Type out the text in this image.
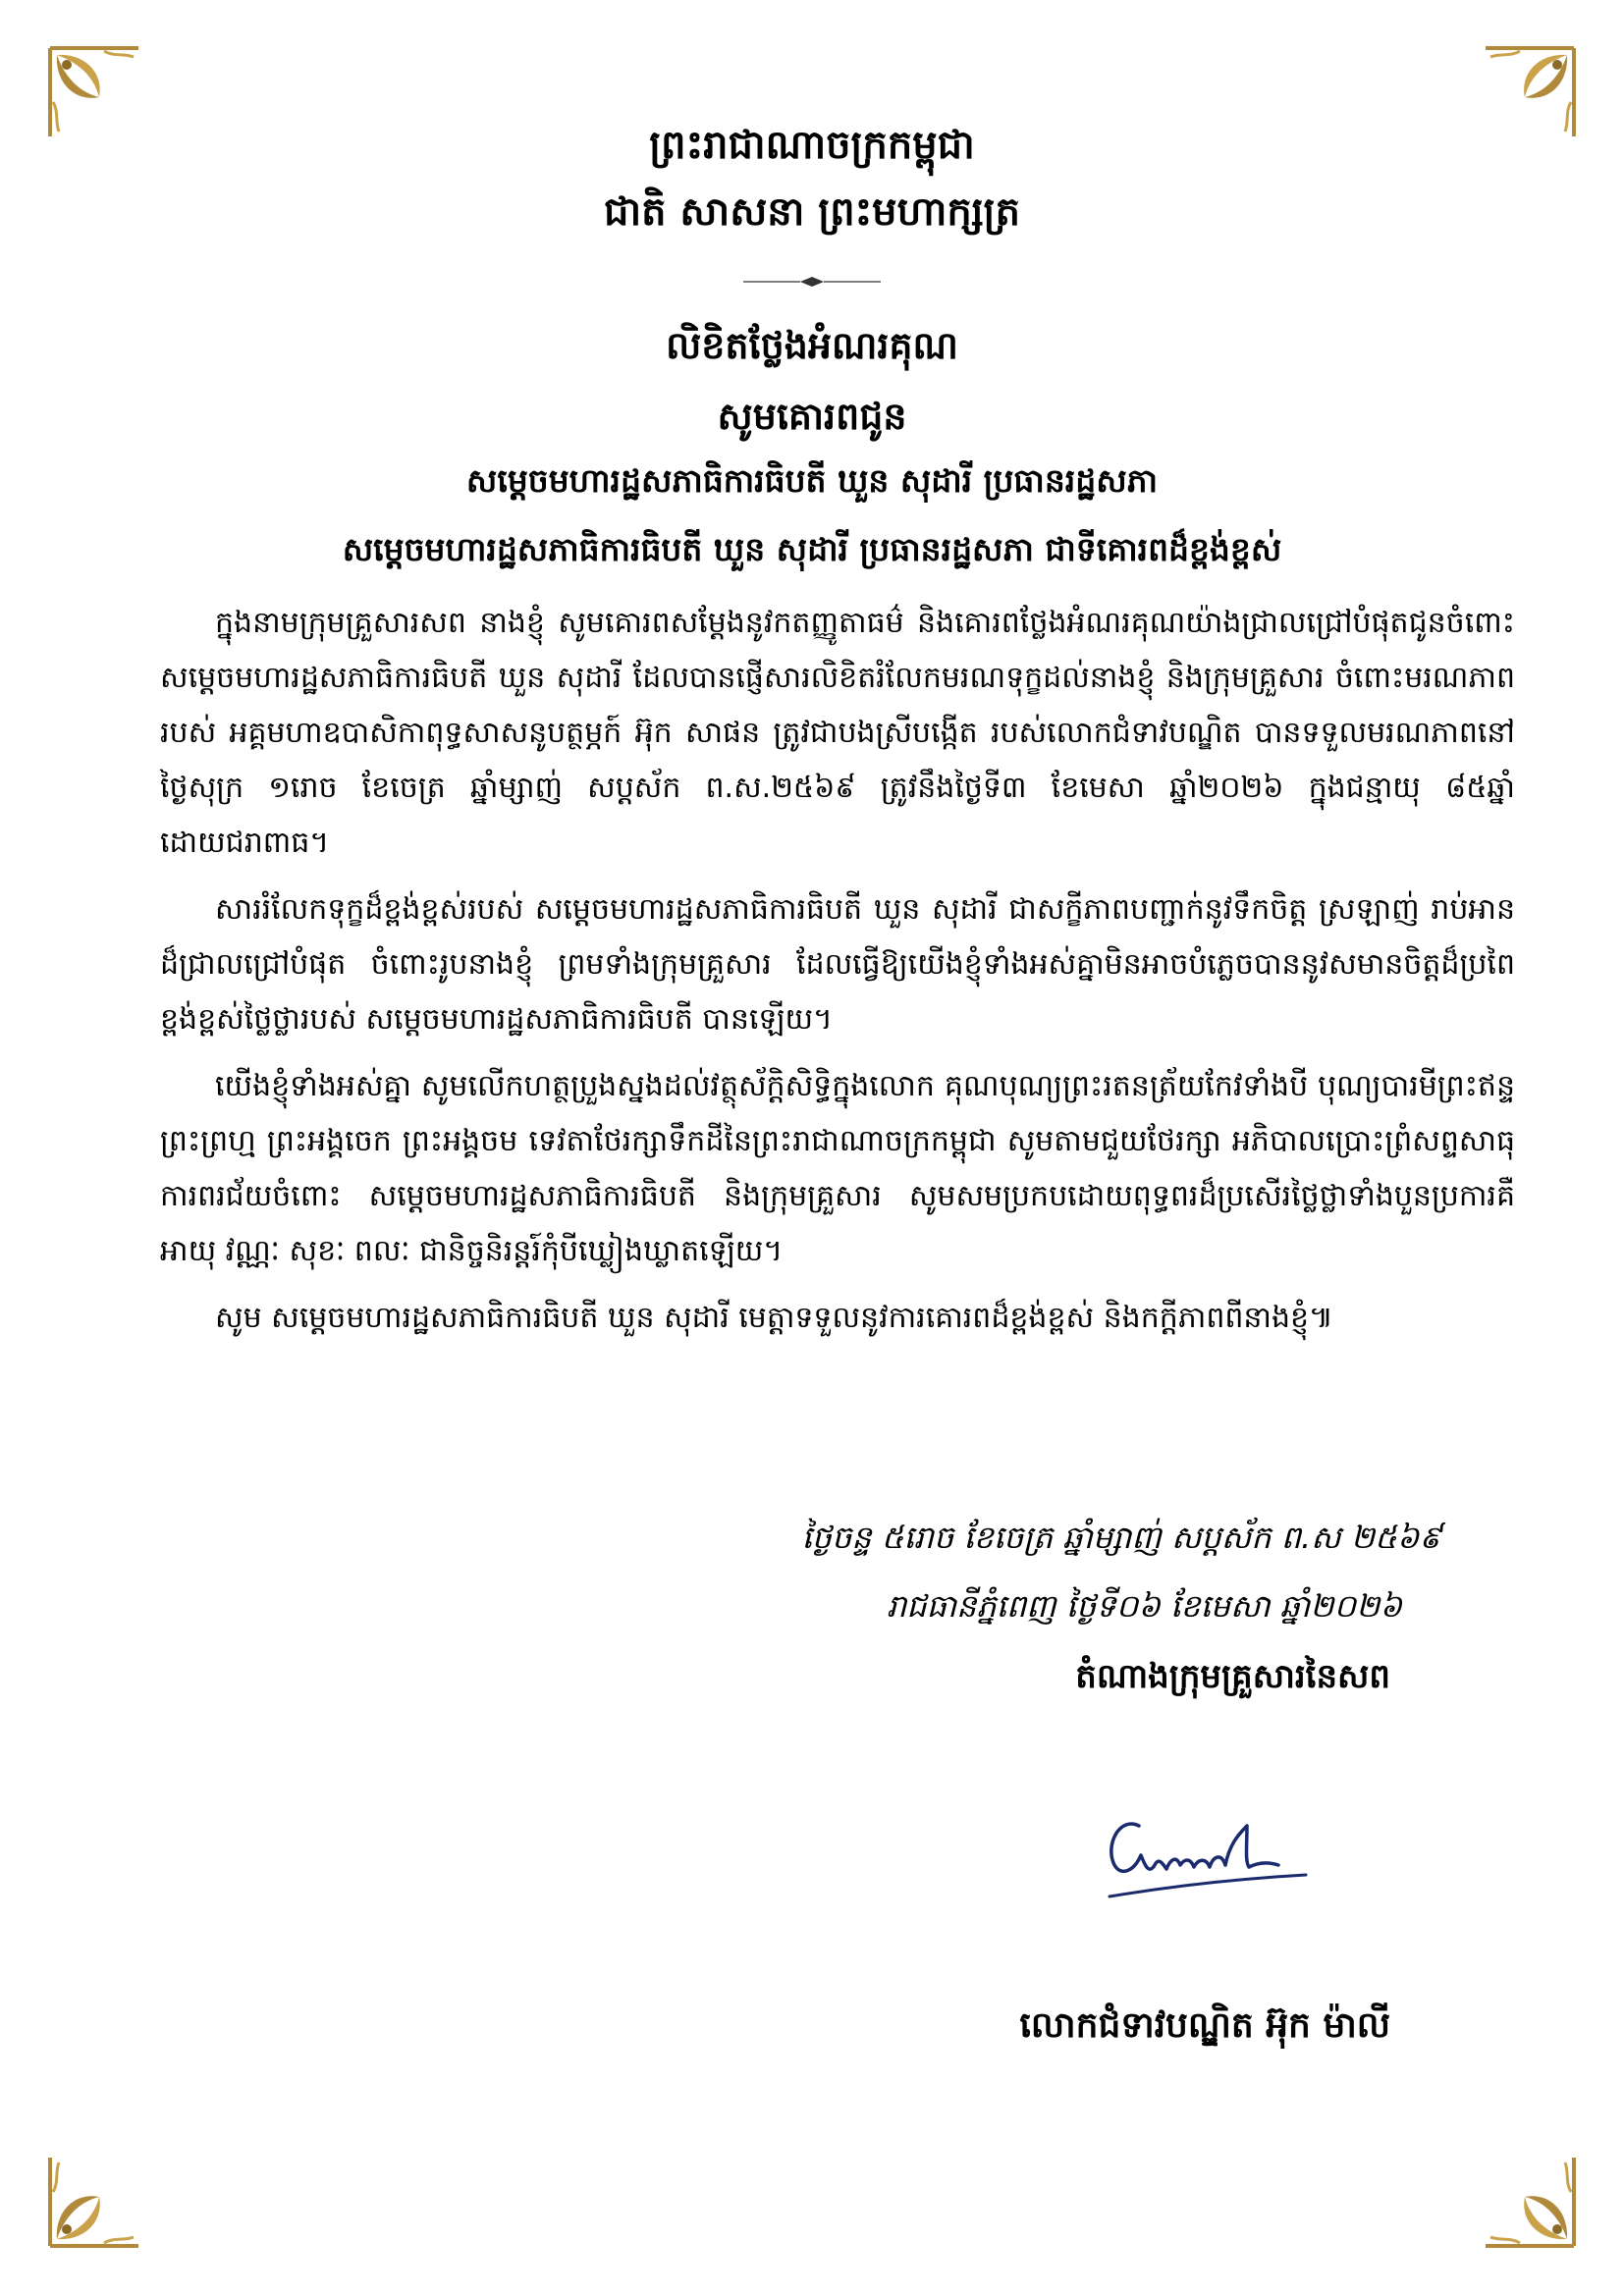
ព្រះរាជាណាចក្រកម្ពុជា
ជាតិ សាសនា ព្រះមហាក្សត្រ
លិខិតថ្លែងអំណរគុណ
សូមគោរពជូន
សម្តេចមហារដ្ឋសភាធិការធិបតី ឃួន សុដារី ប្រធានរដ្ឋសភា
សម្តេចមហារដ្ឋសភាធិការធិបតី ឃួន សុដារី ប្រធានរដ្ឋសភា ជាទីគោរពដ៏ខ្ពង់ខ្ពស់

ក្នុងនាមក្រុមគ្រួសារសព នាងខ្ញុំ សូមគោរពសម្តែងនូវកតញ្ញូតាធម៌ និងគោរពថ្លែងអំណរគុណយ៉ាងជ្រាលជ្រៅបំផុតជូនចំពោះ សម្តេចមហារដ្ឋសភាធិការធិបតី ឃួន សុដារី ដែលបានផ្ញើសារលិខិតរំលែកមរណទុក្ខដល់នាងខ្ញុំ និងក្រុមគ្រួសារ ចំពោះមរណភាពរបស់ អគ្គមហាឧបាសិកាពុទ្ធសាសនូបត្ថម្ភក៍ អ៊ុក សាផន ត្រូវជាបងស្រីបង្កើត របស់លោកជំទាវបណ្ឌិត បានទទួលមរណភាពនៅថ្ងៃសុក្រ ១រោច ខែចេត្រ ឆ្នាំម្សាញ់ សប្តស័ក ព.ស.២៥៦៩ ត្រូវនឹងថ្ងៃទី៣ ខែមេសា ឆ្នាំ២០២៦ ក្នុងជន្មាយុ ៨៥ឆ្នាំ ដោយជរាពាធ។

សាររំលែកទុក្ខដ៏ខ្ពង់ខ្ពស់របស់ សម្តេចមហារដ្ឋសភាធិការធិបតី ឃួន សុដារី ជាសក្ខីភាពបញ្ជាក់នូវទឹកចិត្ត ស្រឡាញ់ រាប់អានដ៏ជ្រាលជ្រៅបំផុត ចំពោះរូបនាងខ្ញុំ ព្រមទាំងក្រុមគ្រួសារ ដែលធ្វើឱ្យយើងខ្ញុំទាំងអស់គ្នាមិនអាចបំភ្លេចបាននូវសមានចិត្តដ៏ប្រពៃខ្ពង់ខ្ពស់ថ្លៃថ្លារបស់ សម្តេចមហារដ្ឋសភាធិការធិបតី បានឡើយ។

យើងខ្ញុំទាំងអស់គ្នា សូមលើកហត្ថប្រួងស្នងដល់វត្ថុស័ក្តិសិទ្ធិក្នុងលោក គុណបុណ្យព្រះរតនត្រ័យកែវទាំងបី បុណ្យបារមីព្រះឥន្ទ ព្រះព្រហ្ម ព្រះអង្គចេក ព្រះអង្គចម ទេវតាថែរក្សាទឹកដីនៃព្រះរាជាណាចក្រកម្ពុជា សូមតាមជួយថែរក្សា អភិបាលប្រោះព្រំសព្ទសាធុការពរជ័យចំពោះ សម្តេចមហារដ្ឋសភាធិការធិបតី និងក្រុមគ្រួសារ សូមសមប្រកបដោយពុទ្ធពរដ៏ប្រសើរថ្លៃថ្លាទាំងបួនប្រការគឺ អាយុ វណ្ណៈ សុខៈ ពលៈ ជានិច្ចនិរន្តរ៍កុំបីឃ្លៀងឃ្លាតឡើយ។

សូម សម្តេចមហារដ្ឋសភាធិការធិបតី ឃួន សុដារី មេត្តាទទួលនូវការគោរពដ៏ខ្ពង់ខ្ពស់ និងកក្តីភាពពីនាងខ្ញុំ៕

ថ្ងៃចន្ទ ៥រោច ខែចេត្រ ឆ្នាំម្សាញ់ សប្តស័ក ព.ស ២៥៦៩
រាជធានីភ្នំពេញ ថ្ងៃទី០៦ ខែមេសា ឆ្នាំ២០២៦
តំណាងក្រុមគ្រួសារនៃសព
លោកជំទាវបណ្ឌិត អ៊ុក ម៉ាលី
